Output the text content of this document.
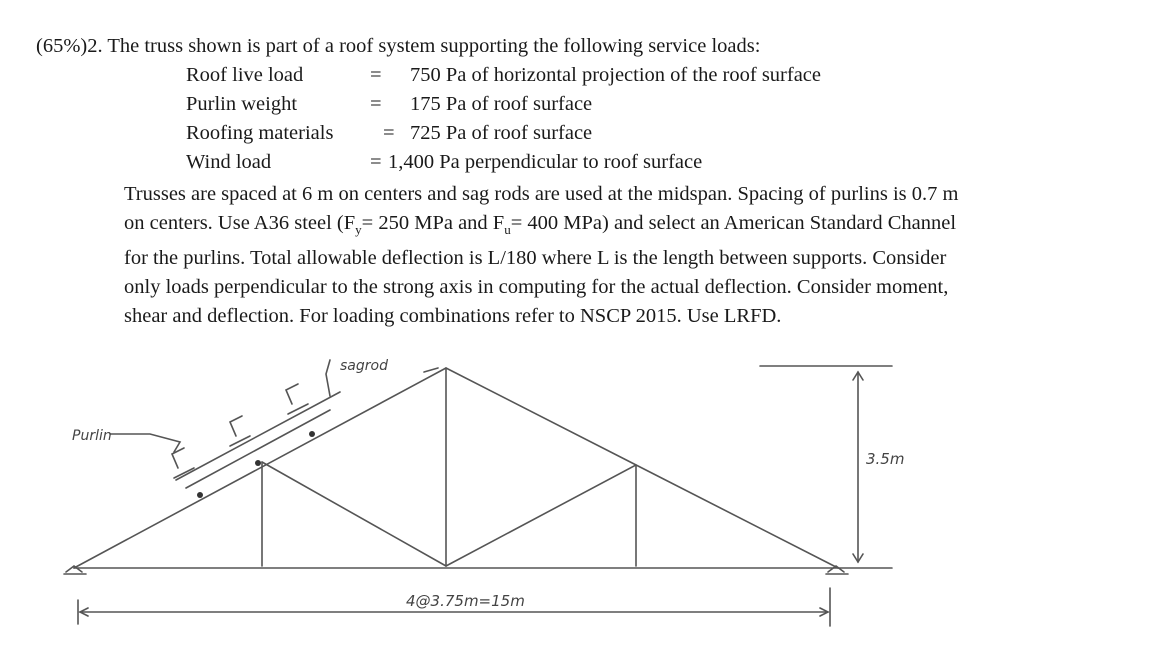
(65%)2. The truss shown is part of a roof system supporting the following service loads:
Roof live load	= 750 Pa of horizontal projection of the roof surface
Purlin weight	= 175 Pa of roof surface
Roofing materials = 725 Pa of roof surface
Wind load	= 1,400 Pa perpendicular to roof surface
Trusses are spaced at 6 m on centers and sag rods are used at the midspan. Spacing of purlins is 0.7 m
on centers. Use A36 steel ($F_y= 250$ MPa and $F_u= 400$ MPa) and select an American Standard Channel
for the purlins. Total allowable deflection is L/180 where L is the length between supports. Consider
only loads perpendicular to the strong axis in computing for the actual deflection. Consider moment,
shear and deflection. For loading combinations refer to NSCP 2015. Use LRFD.
Purlin
sagrod
3.5m
4@3.75m=15m
